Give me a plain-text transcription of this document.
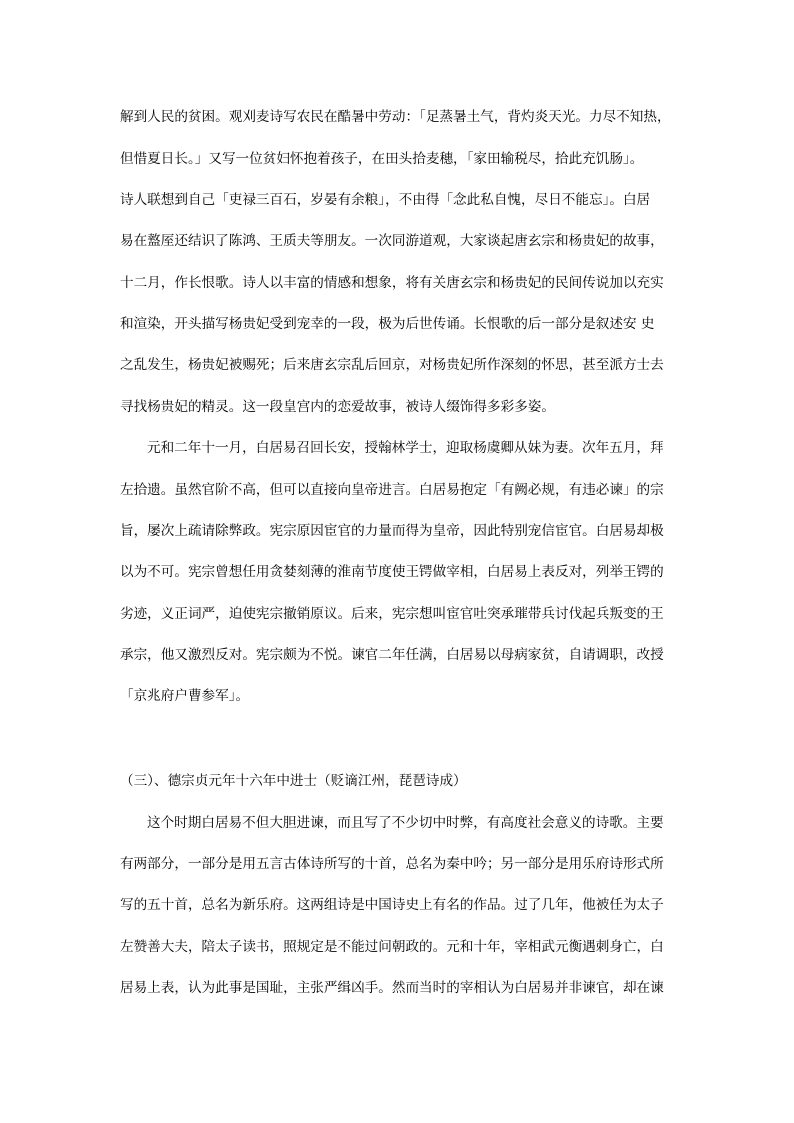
解到人民的贫困。观刈麦诗写农民在酷暑中劳动：「足蒸暑土气，背灼炎天光。力尽不知热，
但惜夏日长。」又写一位贫妇怀抱着孩子，在田头拾麦穗，「家田输税尽，拾此充饥肠」。
诗人联想到自己「吏禄三百石，岁晏有余粮」，不由得「念此私自愧，尽日不能忘」。白居
易在盩厔还结识了陈鸿、王质夫等朋友。一次同游道观，大家谈起唐玄宗和杨贵妃的故事，
十二月，作长恨歌。诗人以丰富的情感和想象，将有关唐玄宗和杨贵妃的民间传说加以充实
和渲染，开头描写杨贵妃受到宠幸的一段，极为后世传诵。长恨歌的后一部分是叙述安 史
之乱发生，杨贵妃被赐死；后来唐玄宗乱后回京，对杨贵妃所作深刻的怀思，甚至派方士去
寻找杨贵妃的精灵。这一段皇宫内的恋爱故事，被诗人缀饰得多彩多姿。
元和二年十一月，白居易召回长安，授翰林学士，迎取杨虞卿从妹为妻。次年五月，拜
左拾遗。虽然官阶不高，但可以直接向皇帝进言。白居易抱定「有阙必规，有违必谏」的宗
旨，屡次上疏请除弊政。宪宗原因宦官的力量而得为皇帝，因此特别宠信宦官。白居易却极
以为不可。宪宗曾想任用贪婪刻薄的淮南节度使王锷做宰相，白居易上表反对，列举王锷的
劣迹，义正词严，迫使宪宗撤销原议。后来，宪宗想叫宦官吐突承璀带兵讨伐起兵叛变的王
承宗，他又激烈反对。宪宗颇为不悦。谏官二年任满，白居易以母病家贫，自请调职，改授
「京兆府户曹参军」。
（三）、德宗贞元年十六年中进士（贬谪江州，琵琶诗成）
这个时期白居易不但大胆进谏，而且写了不少切中时弊，有高度社会意义的诗歌。主要
有两部分，一部分是用五言古体诗所写的十首，总名为秦中吟；另一部分是用乐府诗形式所
写的五十首，总名为新乐府。这两组诗是中国诗史上有名的作品。过了几年，他被任为太子
左赞善大夫，陪太子读书，照规定是不能过问朝政的。元和十年，宰相武元衡遇刺身亡，白
居易上表，认为此事是国耻，主张严缉凶手。然而当时的宰相认为白居易并非谏官，却在谏
